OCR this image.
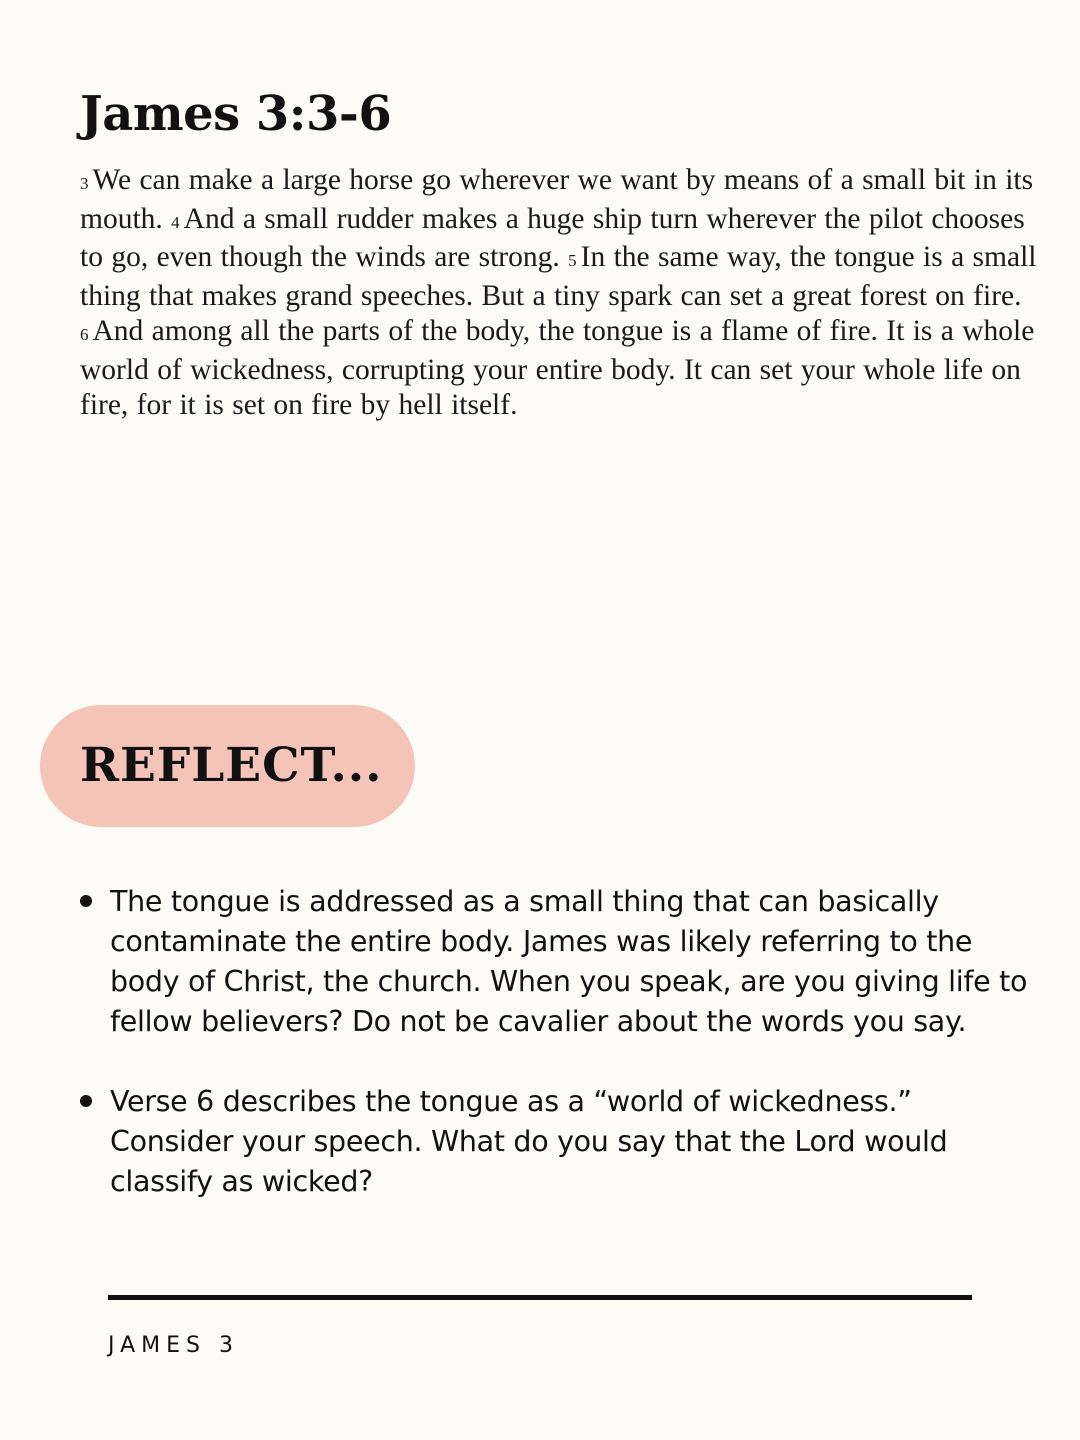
James 3:3-6

3 We can make a large horse go wherever we want by means of a small bit in its mouth. 4 And a small rudder makes a huge ship turn wherever the pilot chooses to go, even though the winds are strong. 5 In the same way, the tongue is a small thing that makes grand speeches. But a tiny spark can set a great forest on fire.
6 And among all the parts of the body, the tongue is a flame of fire. It is a whole world of wickedness, corrupting your entire body. It can set your whole life on fire, for it is set on fire by hell itself.

REFLECT...
The tongue is addressed as a small thing that can basically contaminate the entire body. James was likely referring to the body of Christ, the church. When you speak, are you giving life to fellow believers? Do not be cavalier about the words you say.
Verse 6 describes the tongue as a “world of wickedness.” Consider your speech. What do you say that the Lord would classify as wicked?

JAMES 3
